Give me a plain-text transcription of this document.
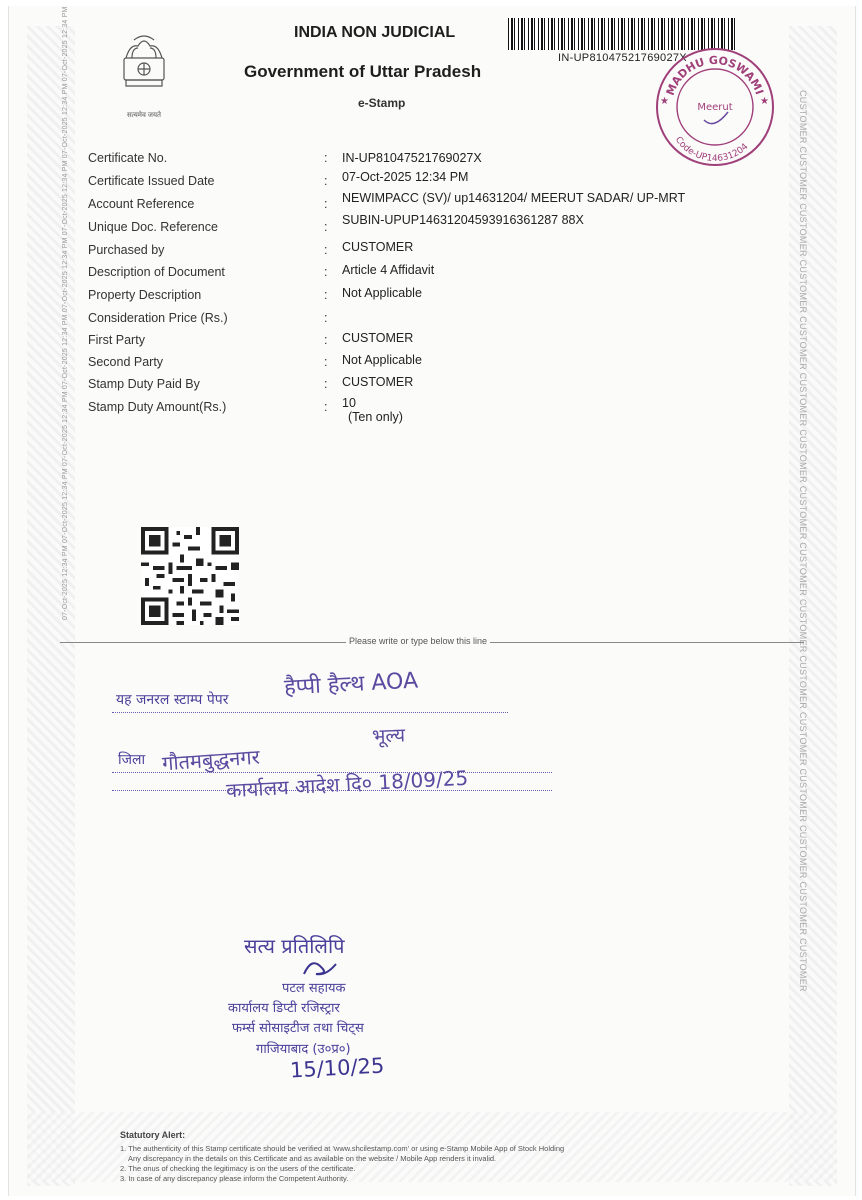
07-Oct-2025 12:34 PM 07-Oct-2025 12:34 PM 07-Oct-2025 12:34 PM 07-Oct-2025 12:34 PM 07-Oct-2025 12:34 PM 07-Oct-2025 12:34 PM 07-Oct-2025 12:34 PM 07-Oct-2025 12:34 PM	CUSTOMER CUSTOMER CUSTOMER CUSTOMER CUSTOMER CUSTOMER CUSTOMER CUSTOMER CUSTOMER CUSTOMER CUSTOMER CUSTOMER CUSTOMER CUSTOMER CUSTOMER CUSTOMER
सत्यमेव जयते
INDIA NON JUDICIAL
Government of Uttar Pradesh
e-Stamp
IN-UP81047521769027X
MADHU GOSWAMI
Code-UP14631204
Meerut
★	★
Certificate No.	: IN-UP81047521769027X
Certificate Issued Date	: 07-Oct-2025 12:34 PM
Account Reference	: NEWIMPACC (SV)/ up14631204/ MEERUT SADAR/ UP-MRT
Unique Doc. Reference	: SUBIN-UPUP14631204593916361287 88X
Purchased by	: CUSTOMER
Description of Document	: Article 4 Affidavit
Property Description	: Not Applicable
Consideration Price (Rs.)	:
First Party	: CUSTOMER
Second Party	: Not Applicable
Stamp Duty Paid By	: CUSTOMER
Stamp Duty Amount(Rs.)	: 10
(Ten only)
Please write or type below this line
यह जनरल स्टाम्प पेपर	हैप्पी हैल्थ AOA
जिला गौतमबुद्धनगर
भूल्य
कार्यालय आदेश दि० 18/09/25
सत्य प्रतिलिपि
पटल सहायक
कार्यालय डिप्टी रजिस्ट्रार
फर्म्स सोसाइटीज तथा चिट्स
गाजियाबाद (उ०प्र०)
15/10/25
Statutory Alert:
1. The authenticity of this Stamp certificate should be verified at 'www.shcilestamp.com' or using e-Stamp Mobile App of Stock Holding
Any discrepancy in the details on this Certificate and as available on the website / Mobile App renders it invalid.
2. The onus of checking the legitimacy is on the users of the certificate.
3. In case of any discrepancy please inform the Competent Authority.
